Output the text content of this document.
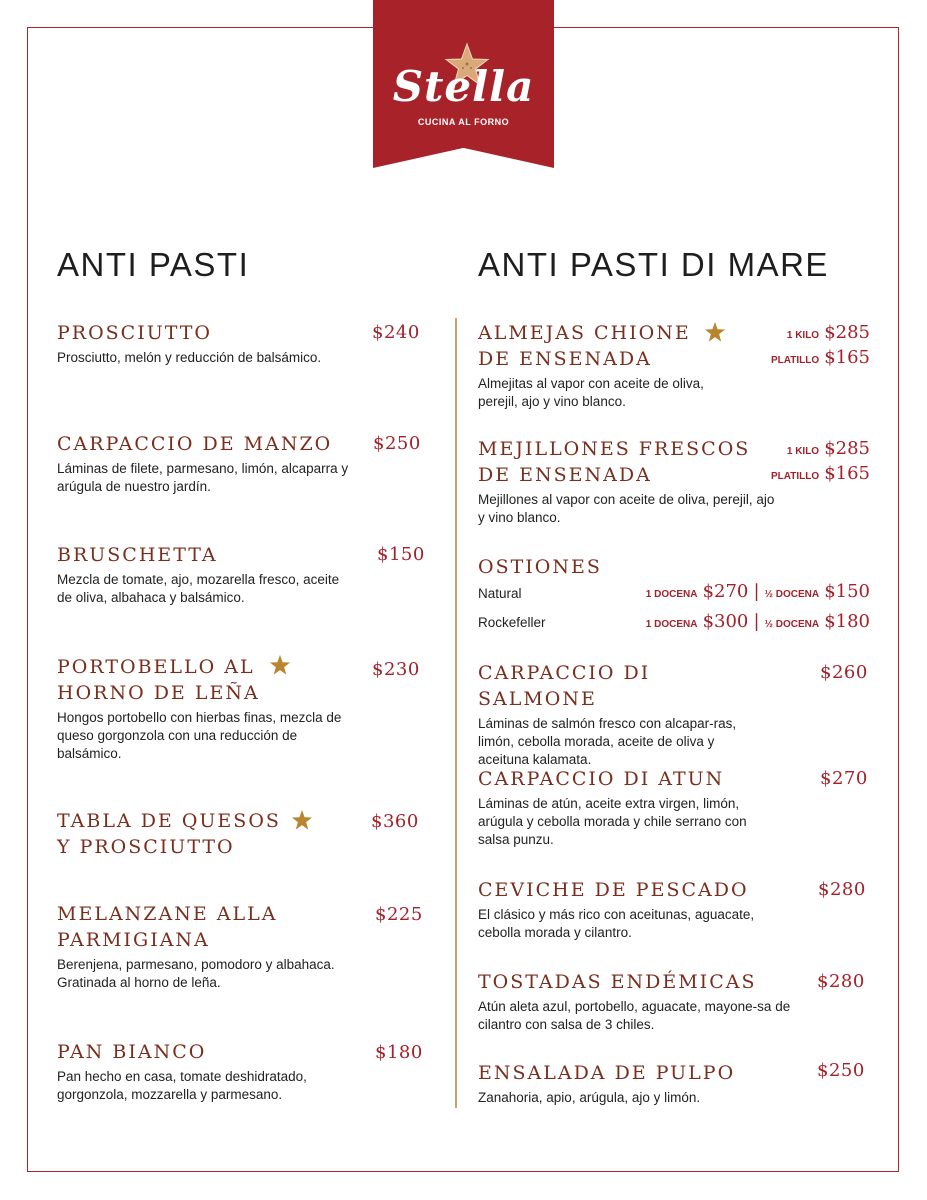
Stella
CUCINA AL FORNO
ANTI PASTI	ANTI PASTI DI MARE
PROSCIUTTO
Prosciutto, melón y reducción de balsámico.
$240
CARPACCIO DE MANZO
Láminas de filete, parmesano, limón, alcaparra y arúgula de nuestro jardín.
$250
BRUSCHETTA
Mezcla de tomate, ajo, mozarella fresco, aceite de oliva, albahaca y balsámico.
$150
PORTOBELLO AL
HORNO DE LEÑA
Hongos portobello con hierbas finas, mezcla de queso gorgonzola con una reducción de balsámico.
$230
TABLA DE QUESOS
Y PROSCIUTTO
$360
MELANZANE ALLA
PARMIGIANA
Berenjena, parmesano, pomodoro y albahaca. Gratinada al horno de leña.
$225
PAN BIANCO
Pan hecho en casa, tomate deshidratado, gorgonzola, mozzarella y parmesano.
$180
ALMEJAS CHIONE
DE ENSENADA
Almejitas al vapor con aceite de oliva, perejil, ajo y vino blanco.
1 KILO $285
PLATILLO $165
MEJILLONES FRESCOS
DE ENSENADA
Mejillones al vapor con aceite de oliva, perejil, ajo y vino blanco.
1 KILO $285
PLATILLO $165
OSTIONES
Natural	1 DOCENA $270 | ½ DOCENA $150
Rockefeller	1 DOCENA $300 | ½ DOCENA $180
CARPACCIO DI SALMONE
Láminas de salmón fresco con alcapar-ras, limón, cebolla morada, aceite de oliva y aceituna kalamata.
$260
CARPACCIO DI ATUN
Láminas de atún, aceite extra virgen, limón, arúgula y cebolla morada y chile serrano con salsa punzu.
$270
CEVICHE DE PESCADO
El clásico y más rico con aceitunas, aguacate, cebolla morada y cilantro.
$280
TOSTADAS ENDÉMICAS
Atún aleta azul, portobello, aguacate, mayone-sa de cilantro con salsa de 3 chiles.
$280
ENSALADA DE PULPO
Zanahoria, apio, arúgula, ajo y limón.
$250
